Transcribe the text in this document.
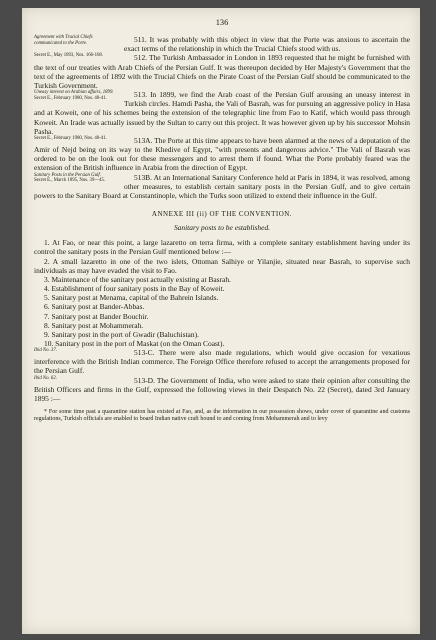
136
Agreement with Trucial Chiefs communicated to the Porte.	511. It was probably with this object in view that the Porte was anxious to ascertain the exact terms of the relationship in which the Trucial Chiefs stood with us.

Secret E., May 1893, Nos. 166-168.	512. The Turkish Ambassador in London in 1893 requested that he might be furnished with the text of our treaties with Arab Chiefs of the Persian Gulf. It was thereupon decided by Her Majesty's Government that the text of the agreements of 1892 with the Trucial Chiefs on the Pirate Coast of the Persian Gulf should be communicated to the Turkish Government.

Uneasy interest on Arabian affairs, 1899.
Secret E., February 1900, Nos. 40-41.	513. In 1899, we find the Arab coast of the Persian Gulf arousing an uneasy interest in Turkish circles. Hamdi Pasha, the Vali of Basrah, was for pursuing an aggressive policy in Hasa and at Koweit, one of his schemes being the extension of the telegraphic line from Fao to Katif, which would pass through Koweit. An Irade was actually issued by the Sultan to carry out this project. It was however given up by his successor Mohsin Pasha.

Secret E., February 1900, Nos. 40-41.	513A. The Porte at this time appears to have been alarmed at the news of a deputation of the Amir of Nejd being on its way to the Khedive of Egypt, "with presents and dangerous advice." The Vali of Basrah was ordered to be on the look out for these messengers and to arrest them if found. What the Porte probably feared was the extension of the British influence in Arabia from the direction of Egypt.

Sanitary Posts in the Persian Gulf.
Secret E., March 1895, Nos. 39—45.	513B. At an International Sanitary Conference held at Paris in 1894, it was resolved, among other measures, to establish certain sanitary posts in the Persian Gulf, and to give certain powers to the Sanitary Board at Constantinople, which the Turks soon utilized to extend their influence in the Gulf.

ANNEXE III (ii) OF THE CONVENTION.
Sanitary posts to be established.

1. At Fao, or near this point, a large lazaretto on terra firma, with a complete sanitary establishment having under its control the sanitary posts in the Persian Gulf mentioned below :—

2. A small lazaretto in one of the two islets, Ottoman Salhiye or Yilanjie, situated near Basrah, to supervise such individuals as may have evaded the visit to Fao.

3. Maintenance of the sanitary post actually existing at Basrah.

4. Establishment of four sanitary posts in the Bay of Koweit.

5. Sanitary post at Menama, capital of the Bahrein Islands.

6. Sanitary post at Bander-Abbas.

7. Sanitary post at Bander Bouchir.

8. Sanitary post at Mohammerah.

9. Sanitary post in the port of Gwadir (Baluchistan).

10. Sanitary post in the port of Maskat (on the Oman Coast).

Ibid No. 37.	513-C. There were also made regulations, which would give occasion for vexatious interference with the British Indian commerce. The Foreign Office therefore refused to accept the arrangements proposed for the Persian Gulf.

Ibid No. 62.	513-D. The Government of India, who were asked to state their opinion after consulting the British Officers and firms in the Gulf, expressed the following views in their Despatch No. 22 (Secret), dated 3rd January 1895 :—

* For some time past a quarantine station has existed at Fao, and, as the information in our possession shows, under cover of quarantine and customs regulations, Turkish officials are enabled to board Indian native craft bound to and coming from Mohammerah and to levy
